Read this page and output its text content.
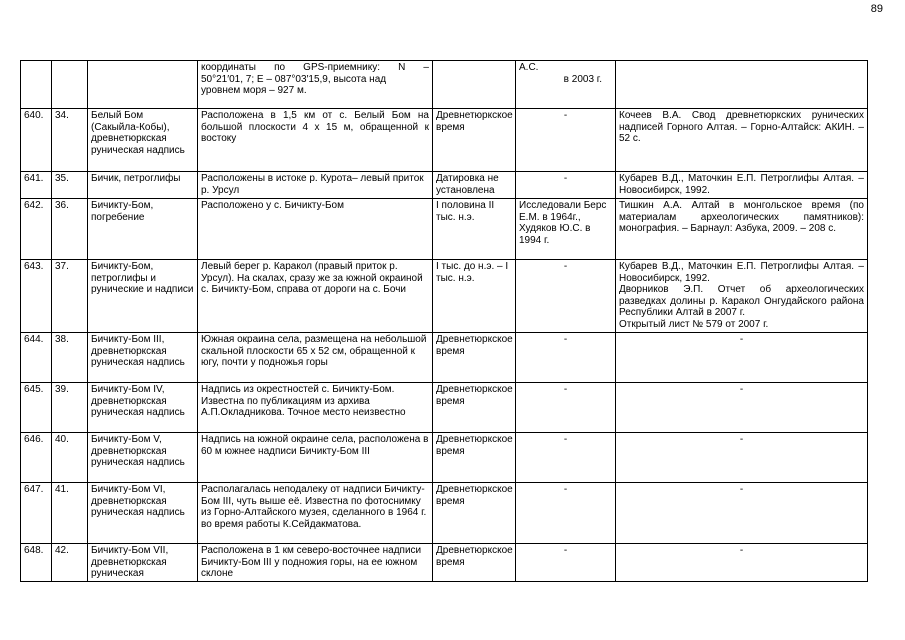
89

			координаты по GPS-приемнику: N –
50°21′01, 7; E – 087°03′15,9, высота над
уровнем моря – 927 м.		А.С.
в 2003 г.	

640.	34.	Белый Бом (Сакыйла-Кобы), древнетюркская руническая надпись	Расположена в 1,5 км от с. Белый Бом на большой плоскости 4 х 15 м, обращенной к востоку	Древнетюркское время	-	Кочеев В.А. Свод древнетюркских рунических надписей Горного Алтая. – Горно-Алтайск: АКИН. – 52 с.
641.	35.	Бичик, петроглифы	Расположены в истоке р. Курота– левый приток р. Урсул	Датировка не установлена	-	Кубарев В.Д., Маточкин Е.П. Петроглифы Алтая. – Новосибирск, 1992.
642.	36.	Бичикту-Бом, погребение	Расположено у с. Бичикту-Бом	I половина II тыс. н.э.	Исследовали Берс Е.М. в 1964г., Худяков Ю.С. в 1994 г.	Тишкин А.А. Алтай в монгольское время (по материалам археологических памятников): монография. – Барнаул: Азбука, 2009. – 208 с.
643.	37.	Бичикту-Бом, петроглифы и рунические и надписи	Левый берег р. Каракол (правый приток р. Урсул). На скалах, сразу же за южной окраиной с. Бичикту-Бом, справа от дороги на с. Бочи	I тыс. до н.э. – I тыс. н.э.	-	Кубарев В.Д., Маточкин Е.П. Петроглифы Алтая. – Новосибирск, 1992.
Дворников Э.П. Отчет об археологических разведках долины р. Каракол Онгудайского района Республики Алтай в 2007 г.
Открытый лист № 579 от 2007 г.

644.	38.	Бичикту-Бом III, древнетюркская руническая надпись	Южная окраина села, размещена на небольшой скальной плоскости 65 х 52 см, обращенной к югу, почти у подножья горы	Древнетюркское время	-	-
645.	39.	Бичикту-Бом IV, древнетюркская руническая надпись	Надпись из окрестностей с. Бичикту-Бом. Известна по публикациям из архива А.П.Окладникова. Точное место неизвестно	Древнетюркское время	-	-
646.	40.	Бичикту-Бом V, древнетюркская руническая надпись	Надпись на южной окраине села, расположена в 60 м южнее надписи Бичикту-Бом III	Древнетюркское время	-	-
647.	41.	Бичикту-Бом VI, древнетюркская руническая надпись	Располагалась неподалеку от надписи Бичикту-Бом III, чуть выше её. Известна по фотоснимку из Горно-Алтайского музея, сделанного в 1964 г. во время работы К.Сейдакматова.	Древнетюркское время	-	-
648.	42.	Бичикту-Бом VII, древнетюркская руническая	Расположена в 1 км северо-восточнее надписи Бичикту-Бом III у подножия горы, на ее южном склоне	Древнетюркское время	-	-
